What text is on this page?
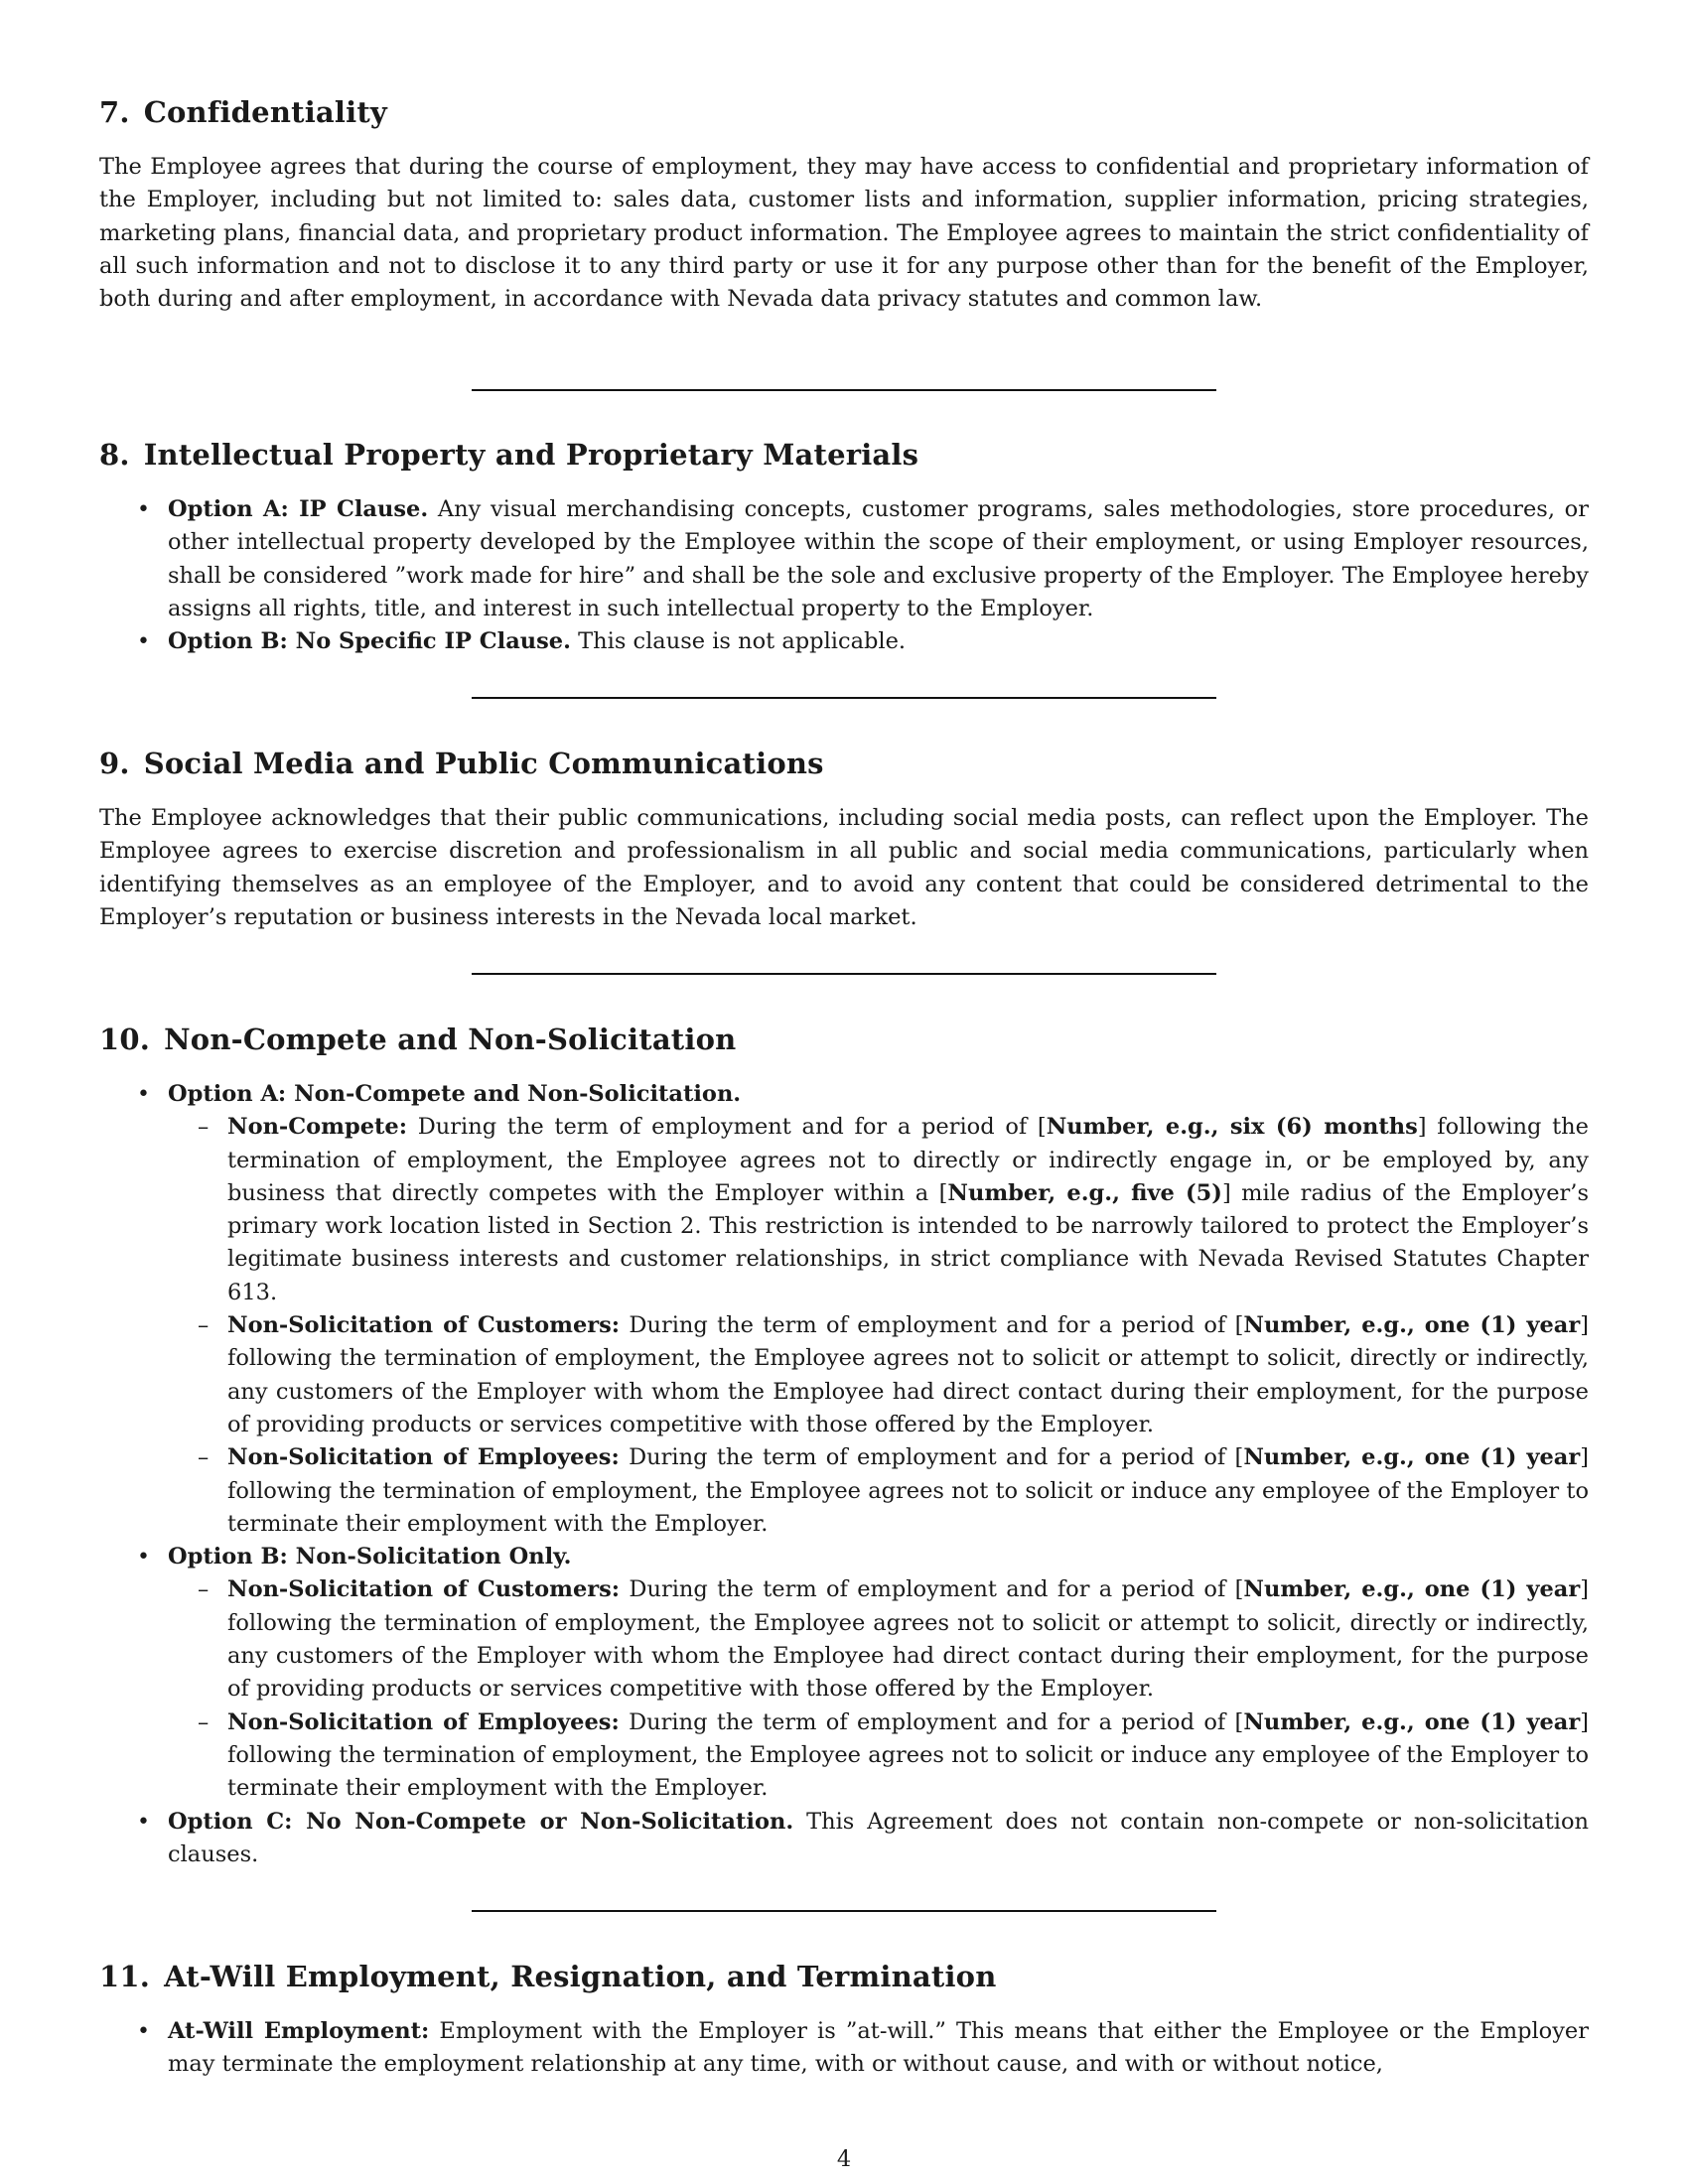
7. Confidentiality

The Employee agrees that during the course of employment, they may have access to confidential and proprietary information of the Employer, including but not limited to: sales data, customer lists and information, supplier information, pricing strategies, marketing plans, financial data, and proprietary product information. The Employee agrees to maintain the strict confidentiality of all such information and not to disclose it to any third party or use it for any purpose other than for the benefit of the Employer, both during and after employment, in accordance with Nevada data privacy statutes and common law.

8. Intellectual Property and Proprietary Materials
• Option A: IP Clause. Any visual merchandising concepts, customer programs, sales methodologies, store procedures, or other intellectual property developed by the Employee within the scope of their employment, or using Employer resources, shall be considered ”work made for hire” and shall be the sole and exclusive property of the Employer. The Employee hereby assigns all rights, title, and interest in such intellectual property to the Employer.
• Option B: No Specific IP Clause. This clause is not applicable.
9. Social Media and Public Communications

The Employee acknowledges that their public communications, including social media posts, can reflect upon the Employer. The Employee agrees to exercise discretion and professionalism in all public and social media communications, particularly when identifying themselves as an employee of the Employer, and to avoid any content that could be considered detrimental to the Employer’s reputation or business interests in the Nevada local market.

10. Non-Compete and Non-Solicitation
• Option A: Non-Compete and Non-Solicitation.
– Non-Compete: During the term of employment and for a period of [Number, e.g., six (6) months] following the termination of employment, the Employee agrees not to directly or indirectly engage in, or be employed by, any business that directly competes with the Employer within a [Number, e.g., five (5)] mile radius of the Employer’s primary work location listed in Section 2. This restriction is intended to be narrowly tailored to protect the Employer’s legitimate business interests and customer relationships, in strict compliance with Nevada Revised Statutes Chapter 613.
– Non-Solicitation of Customers: During the term of employment and for a period of [Number, e.g., one (1) year] following the termination of employment, the Employee agrees not to solicit or attempt to solicit, directly or indirectly, any customers of the Employer with whom the Employee had direct contact during their employment, for the purpose of providing products or services competitive with those offered by the Employer.
– Non-Solicitation of Employees: During the term of employment and for a period of [Number, e.g., one (1) year] following the termination of employment, the Employee agrees not to solicit or induce any employee of the Employer to terminate their employment with the Employer.
• Option B: Non-Solicitation Only.
– Non-Solicitation of Customers: During the term of employment and for a period of [Number, e.g., one (1) year] following the termination of employment, the Employee agrees not to solicit or attempt to solicit, directly or indirectly, any customers of the Employer with whom the Employee had direct contact during their employment, for the purpose of providing products or services competitive with those offered by the Employer.
– Non-Solicitation of Employees: During the term of employment and for a period of [Number, e.g., one (1) year] following the termination of employment, the Employee agrees not to solicit or induce any employee of the Employer to terminate their employment with the Employer.
• Option C: No Non-Compete or Non-Solicitation. This Agreement does not contain non-compete or non-solicitation clauses.
11. At-Will Employment, Resignation, and Termination
• At-Will Employment: Employment with the Employer is ”at-will.” This means that either the Employee or the Employer may terminate the employment relationship at any time, with or without cause, and with or without notice,
4
